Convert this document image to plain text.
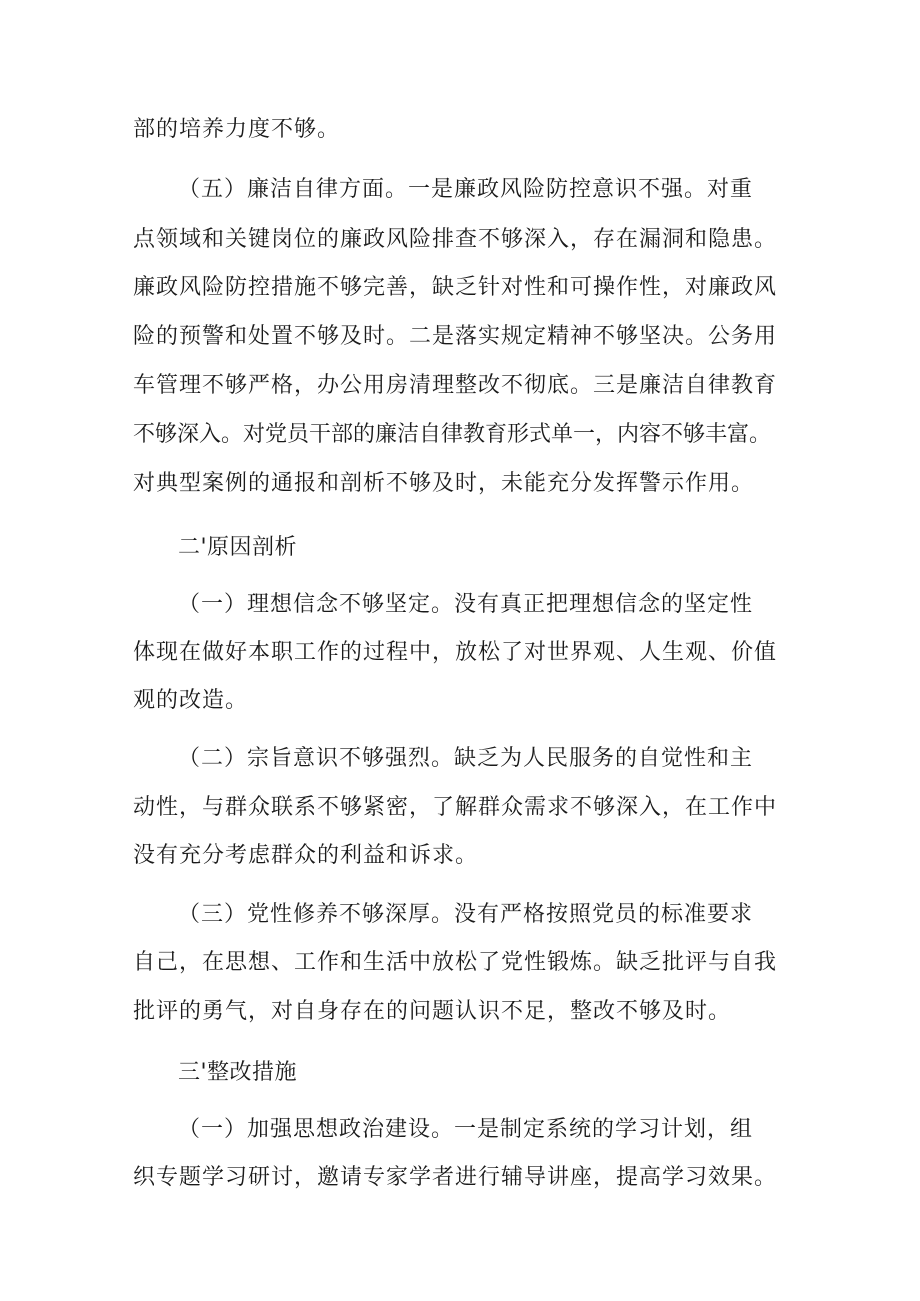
部的培养力度不够。
（五）廉洁自律方面。一是廉政风险防控意识不强。对重
点领域和关键岗位的廉政风险排查不够深入，存在漏洞和隐患。
廉政风险防控措施不够完善，缺乏针对性和可操作性，对廉政风
险的预警和处置不够及时。二是落实规定精神不够坚决。公务用
车管理不够严格，办公用房清理整改不彻底。三是廉洁自律教育
不够深入。对党员干部的廉洁自律教育形式单一，内容不够丰富。
对典型案例的通报和剖析不够及时，未能充分发挥警示作用。
二'原因剖析
（一）理想信念不够坚定。没有真正把理想信念的坚定性
体现在做好本职工作的过程中，放松了对世界观、人生观、价值
观的改造。
（二）宗旨意识不够强烈。缺乏为人民服务的自觉性和主
动性，与群众联系不够紧密，了解群众需求不够深入，在工作中
没有充分考虑群众的利益和诉求。
（三）党性修养不够深厚。没有严格按照党员的标准要求
自己，在思想、工作和生活中放松了党性锻炼。缺乏批评与自我
批评的勇气，对自身存在的问题认识不足，整改不够及时。
三'整改措施
（一）加强思想政治建设。一是制定系统的学习计划，组
织专题学习研讨，邀请专家学者进行辅导讲座，提高学习效果。
